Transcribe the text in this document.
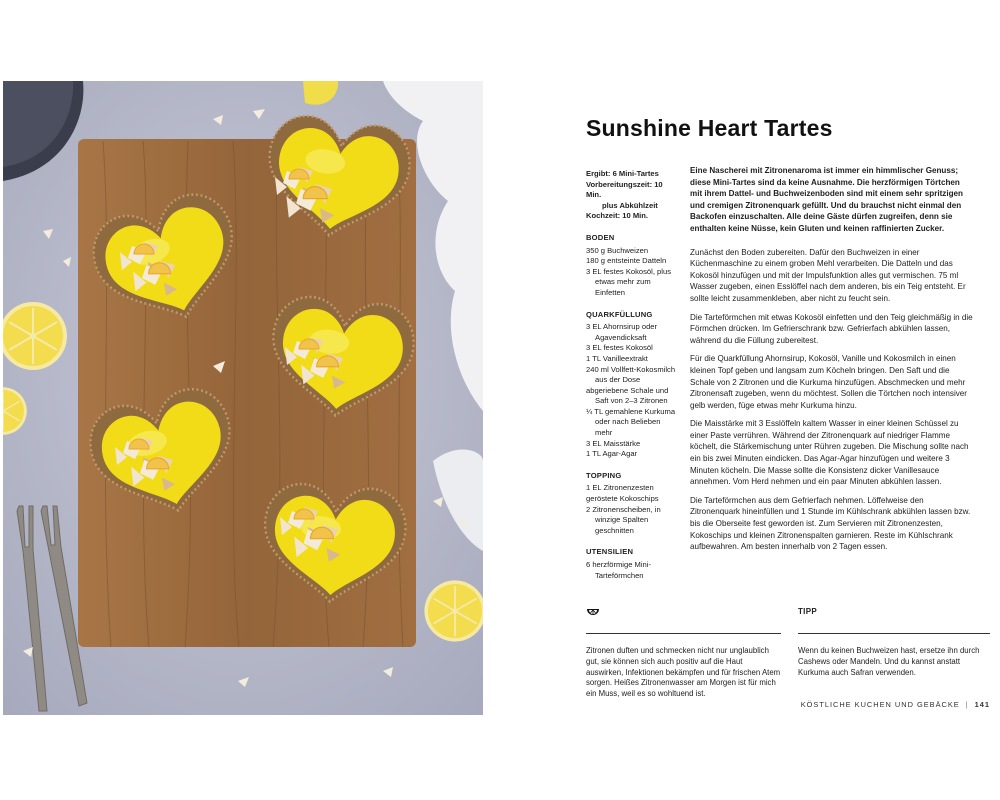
Sunshine Heart Tartes
Ergibt: 6 Mini-Tartes
Vorbereitungszeit: 10 Min.
plus Abkühlzeit
Kochzeit: 10 Min.
BODEN
350 g Buchweizen
180 g entsteinte Datteln
3 EL festes Kokosöl, plus etwas mehr zum Einfetten
QUARKFÜLLUNG
3 EL Ahornsirup oder Agavendicksaft
3 EL festes Kokosöl
1 TL Vanilleextrakt
240 ml Vollfett-Kokosmilch aus der Dose
abgeriebene Schale und Saft von 2–3 Zitronen
¼ TL gemahlene Kurkuma oder nach Belieben mehr
3 EL Maisstärke
1 TL Agar-Agar
TOPPING
1 EL Zitronenzesten
geröstete Kokoschips
2 Zitronenscheiben, in winzige Spalten geschnitten
UTENSILIEN
6 herzförmige Mini-Tarteförmchen

Eine Nascherei mit Zitronenaroma ist immer ein himmlischer Genuss; diese Mini-Tartes sind da keine Ausnahme. Die herzförmigen Törtchen mit ihrem Dattel- und Buchweizenboden sind mit einem sehr spritzigen und cremigen Zitronenquark gefüllt. Und du brauchst nicht einmal den Backofen einzuschalten. Alle deine Gäste dürfen zugreifen, denn sie enthalten keine Nüsse, kein Gluten und keinen raffinierten Zucker.

Zunächst den Boden zubereiten. Dafür den Buchweizen in einer Küchenmaschine zu einem groben Mehl verarbeiten. Die Datteln und das Kokosöl hinzufügen und mit der Impulsfunktion alles gut vermischen. 75 ml Wasser zugeben, einen Esslöffel nach dem anderen, bis ein Teig entsteht. Er sollte leicht zusammenkleben, aber nicht zu feucht sein.

Die Tarteförmchen mit etwas Kokosöl einfetten und den Teig gleichmäßig in die Förmchen drücken. Im Gefrierschrank bzw. Gefrierfach abkühlen lassen, während du die Füllung zubereitest.

Für die Quarkfüllung Ahornsirup, Kokosöl, Vanille und Kokosmilch in einen kleinen Topf geben und langsam zum Köcheln bringen. Den Saft und die Schale von 2 Zitronen und die Kurkuma hinzufügen. Abschmecken und mehr Zitronensaft zugeben, wenn du möchtest. Sollen die Törtchen noch intensiver gelb werden, füge etwas mehr Kurkuma hinzu.

Die Maisstärke mit 3 Esslöffeln kaltem Wasser in einer kleinen Schüssel zu einer Paste verrühren. Während der Zitronenquark auf niedriger Flamme köchelt, die Stärkemischung unter Rühren zugeben. Die Mischung sollte nach ein bis zwei Minuten eindicken. Das Agar-Agar hinzufügen und weitere 3 Minuten köcheln. Die Masse sollte die Konsistenz dicker Vanillesauce annehmen. Vom Herd nehmen und ein paar Minuten abkühlen lassen.

Die Tarteförmchen aus dem Gefrierfach nehmen. Löffelweise den Zitronenquark hineinfüllen und 1 Stunde im Kühlschrank abkühlen lassen bzw. bis die Oberseite fest geworden ist. Zum Servieren mit Zitronenzesten, Kokoschips und kleinen Zitronenspalten garnieren. Reste im Kühlschrank aufbewahren. Am besten innerhalb von 2 Tagen essen.

Zitronen duften und schmecken nicht nur unglaublich gut, sie können sich auch positiv auf die Haut auswirken, Infektionen bekämpfen und für frischen Atem sorgen. Heißes Zitronenwasser am Morgen ist für mich ein Muss, weil es so wohltuend ist.
TIPP
Wenn du keinen Buchweizen hast, ersetze ihn durch Cashews oder Mandeln. Und du kannst anstatt Kurkuma auch Safran verwenden.
KÖSTLICHE KUCHEN UND GEBÄCKE | 141
